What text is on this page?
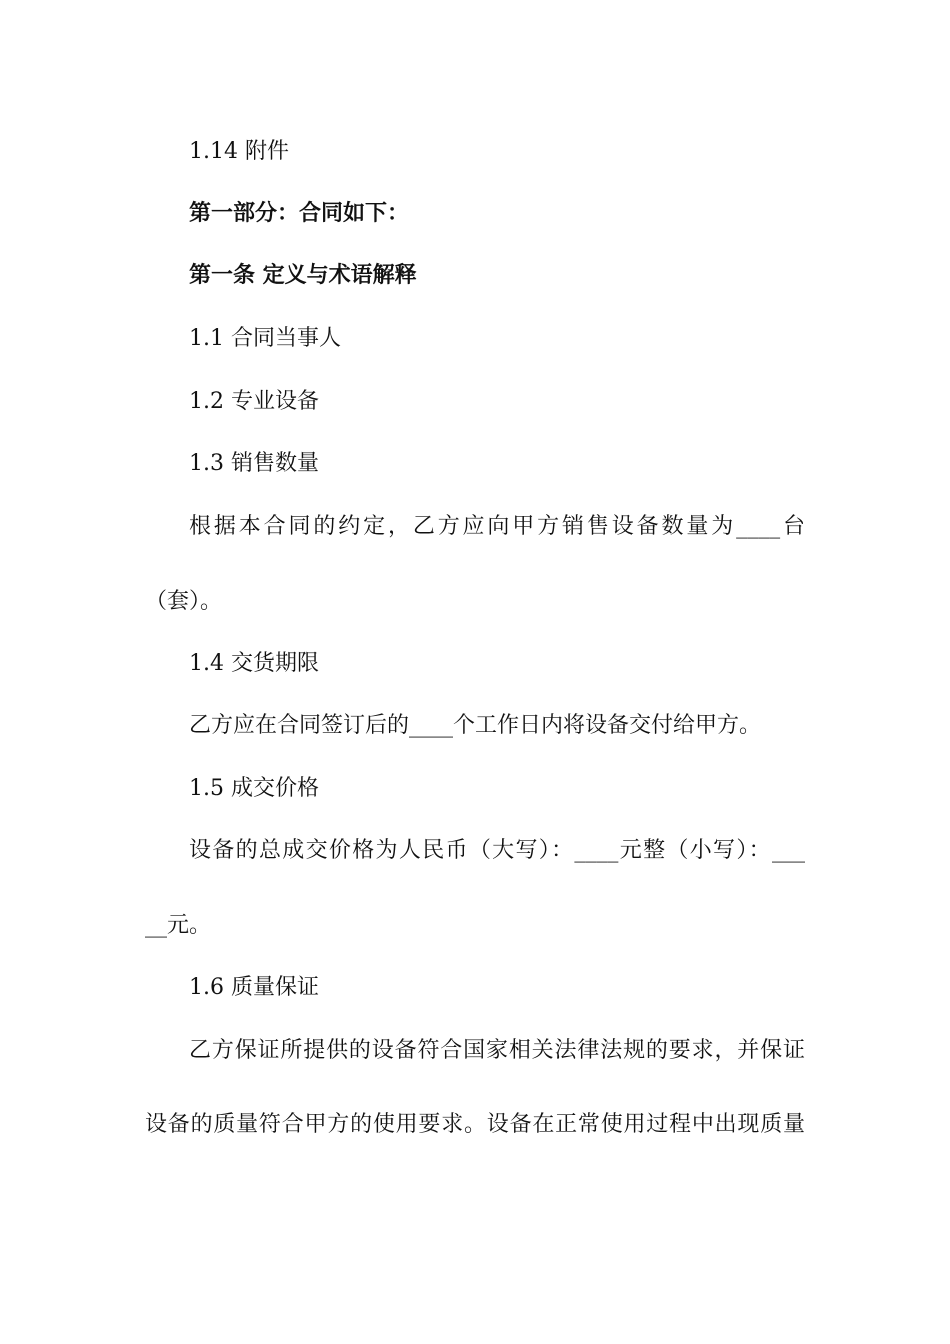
1.14 附件

第一部分：合同如下：

第一条 定义与术语解释

1.1 合同当事人

1.2 专业设备

1.3 销售数量

根据本合同的约定，乙方应向甲方销售设备数量为____台

（套）。

1.4 交货期限

乙方应在合同签订后的____个工作日内将设备交付给甲方。

1.5 成交价格

设备的总成交价格为人民币（大写）：____元整（小写）：___

__元。

1.6 质量保证

乙方保证所提供的设备符合国家相关法律法规的要求，并保证

设备的质量符合甲方的使用要求。设备在正常使用过程中出现质量
